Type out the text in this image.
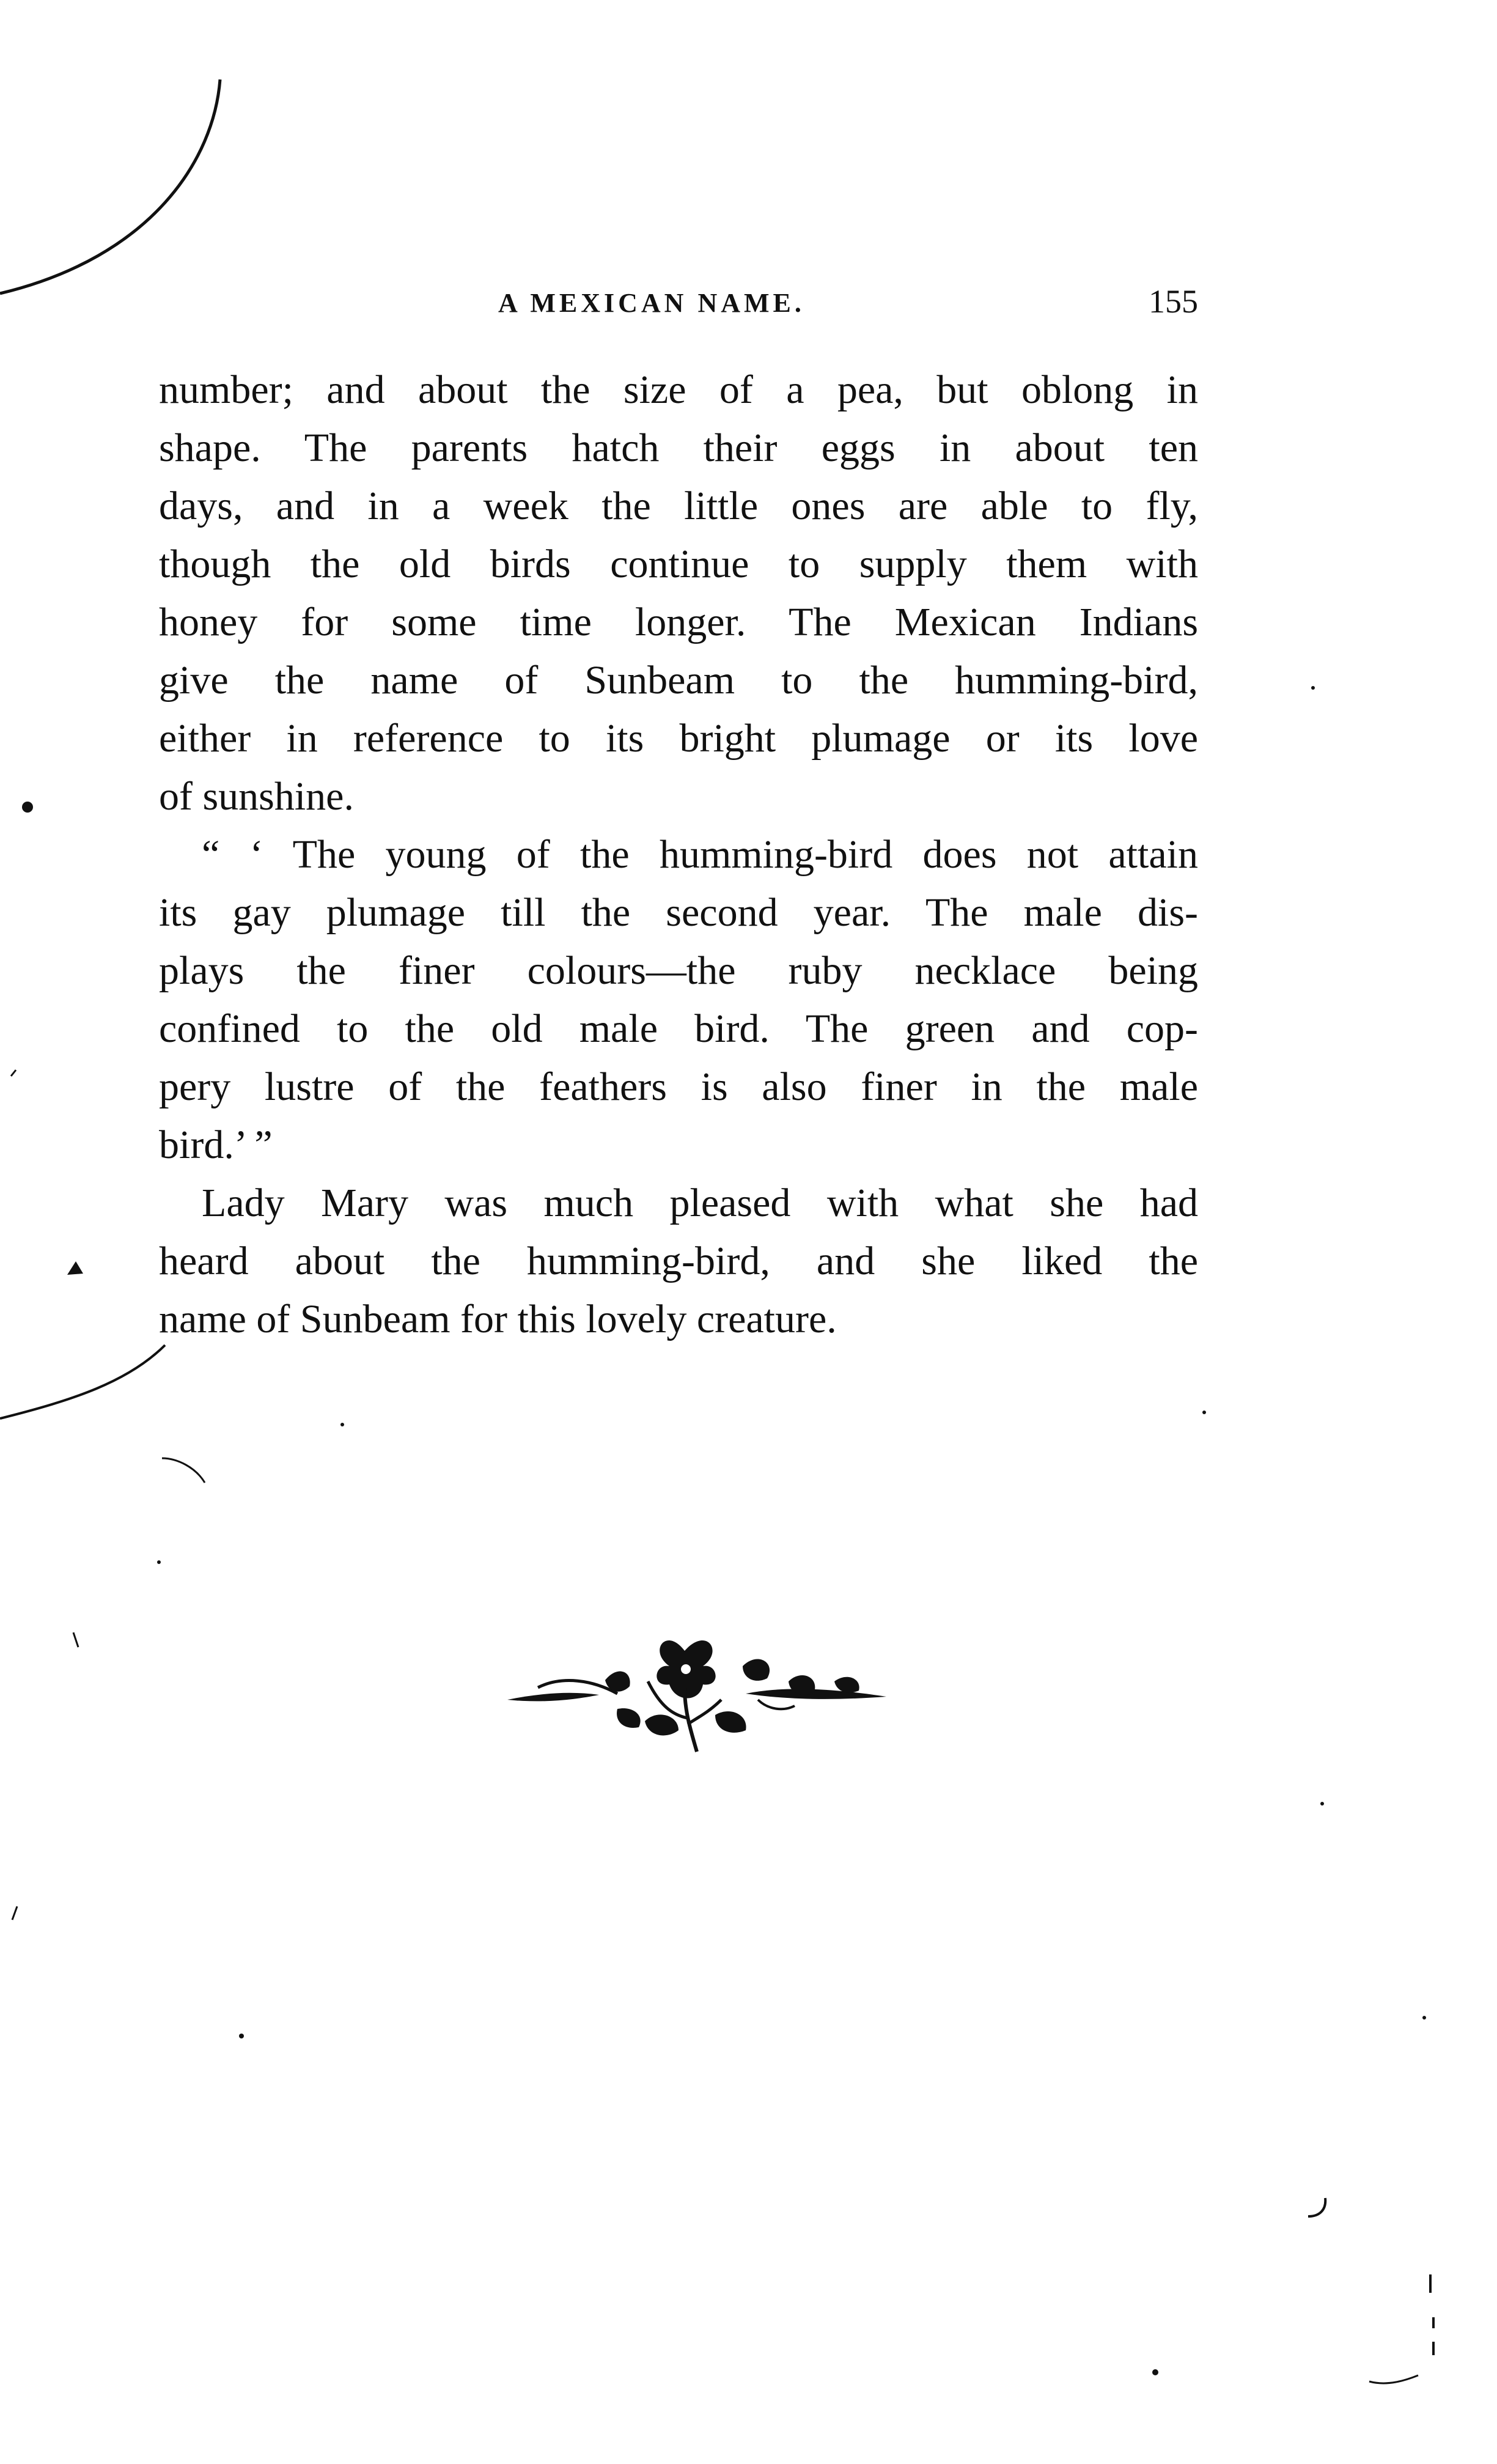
A MEXICAN NAME.	155

number; and about the size of a pea, but oblong in
shape. The parents hatch their eggs in about ten
days, and in a week the little ones are able to fly,
though the old birds continue to supply them with
honey for some time longer. The Mexican Indians
give the name of Sunbeam to the humming-bird,
either in reference to its bright plumage or its love
of sunshine.

“ ‘ The young of the humming-bird does not attain
its gay plumage till the second year. The male dis-
plays the finer colours—the ruby necklace being
confined to the old male bird. The green and cop-
pery lustre of the feathers is also finer in the male
bird.’ ”

Lady Mary was much pleased with what she had
heard about the humming-bird, and she liked the
name of Sunbeam for this lovely creature.
